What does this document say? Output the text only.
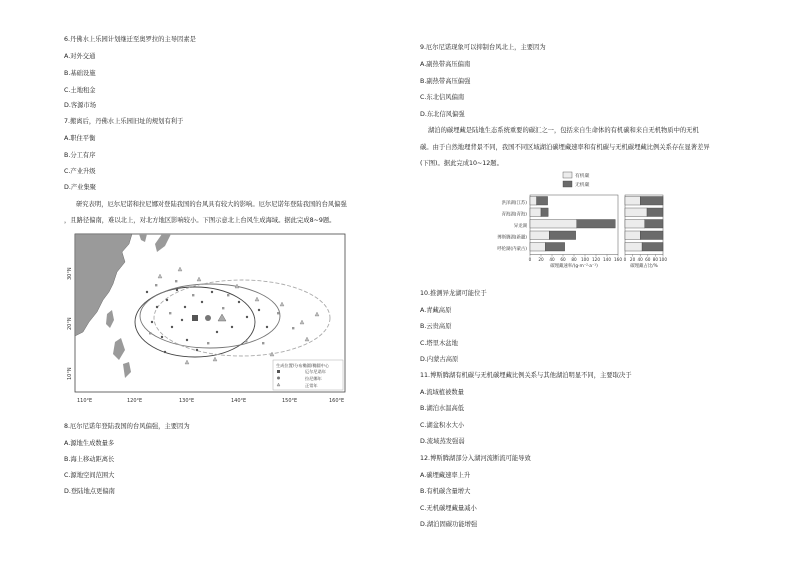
6.丹佛水上乐园计划继迁至奥罗拉的主导因素是
A.对外交通
B.基础设施
C.土地租金
D.客源市场
7.搬离后，丹佛水上乐园旧址的规划有利于
A.职住平衡
B.分工有序
C.产业升级
D.产业集聚
研究表明，厄尔尼诺和拉尼娜对登陆我国的台风具有较大的影响。厄尔尼诺年登陆我国的台风偏强
，且路径偏南，难以北上，对北方地区影响较小。下图示意北上台风生成海域。据此完成8~9题。
8.厄尔尼诺年登陆我国的台风偏强，主要因为
A.源地生成数量多
B.海上移动距离长
C.源地空间范围大
D.登陆地点更偏南
30°N
20°N
10°N
110°E	120°E	130°E	140°E	150°E	160°E
生成位置/分布椭圆/椭圆中心
厄尔尼诺年
拉尼娜年
正常年
9.厄尔尼诺现象可以抑制台风北上，主要因为
A.副热带高压偏南
B.副热带高压偏强
C.东北信风偏南
D.东北信风偏强
湖泊的碳埋藏是陆地生态系统重要的碳汇之一，包括来自生命体的有机碳和来自无机物质中的无机
碳。由于自然地理背景不同，我国不同区域湖泊碳埋藏速率和有机碳与无机碳埋藏比例关系存在显著差异
(下图)。据此完成10~12题。
10.推测异龙湖可能位于
A.青藏高原
B.云贵高原
C.塔里木盆地
D.内蒙古高原
11.博斯腾湖有机碳与无机碳埋藏比例关系与其他湖泊明显不同，主要取决于
A.流域植被数量
B.湖泊水温高低
C.湖盆积水大小
D.流域蒸发强弱
12.博斯腾湖部分入湖河流断流可能导致
A.碳埋藏速率上升
B.有机碳含量增大
C.无机碳埋藏量减小
D.湖泊固碳功能增强
有机碳
无机碳
洪泽湖(江苏)
青海湖(青海)
异龙湖
博斯腾湖(新疆)
呼伦湖(内蒙古)
0 20 40 60 80 100 120 140 160
碳埋藏速率/(g·m⁻²·a⁻¹)
0 20 40 60 80 100
碳埋藏占比/%
